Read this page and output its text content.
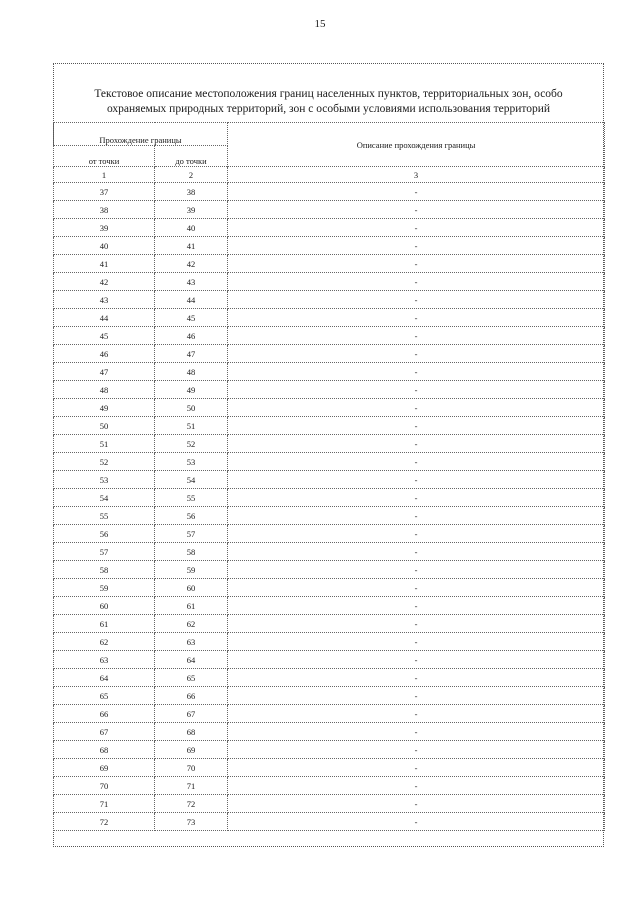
15
Текстовое описание местоположения границ населенных пунктов, территориальных зон, особо
охраняемых природных территорий, зон с особыми условиями использования территорий
Прохождение границы		Описание прохождения границы
от точки	до точки	
1	2	3
37	38	-
38	39	-
39	40	-
40	41	-
41	42	-
42	43	-
43	44	-
44	45	-
45	46	-
46	47	-
47	48	-
48	49	-
49	50	-
50	51	-
51	52	-
52	53	-
53	54	-
54	55	-
55	56	-
56	57	-
57	58	-
58	59	-
59	60	-
60	61	-
61	62	-
62	63	-
63	64	-
64	65	-
65	66	-
66	67	-
67	68	-
68	69	-
69	70	-
70	71	-
71	72	-
72	73	-
